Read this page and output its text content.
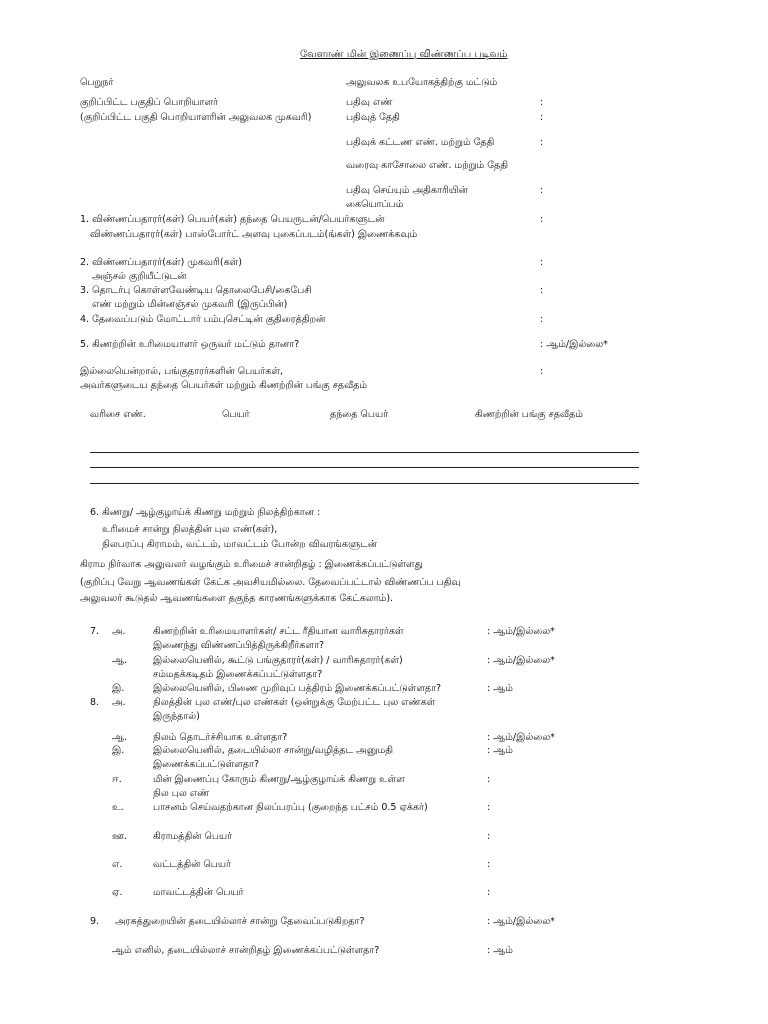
வேளாண் மின் இணைப்பு விண்ணப்ப படிவம்
பெறுநர்	அலுவலக உபயோகத்திற்கு மட்டும்
குறிப்பிட்ட பகுதிப் பொறியாளர்
(குறிப்பிட்ட பகுதி பொறியாளரின் அலுவலக முகவரி)
பதிவு எண்	:
பதிவுத் தேதி	:
பதிவுக் கட்டண எண். மற்றும் தேதி	:
வரைவு காசோலை எண். மற்றும் தேதி
பதிவு செய்யும் அதிகாரியின்	:
கையொப்பம்
1. விண்ணப்பதாரர்(கள்) பெயர்(கள்) தந்தை பெயருடன்/பெயர்களுடன்	:
விண்ணப்பதாரர்(கள்) பாஸ்போர்ட் அளவு புகைப்படம்(ங்கள்) இணைக்கவும்
2. விண்ணப்பதாரர்(கள்) முகவரி(கள்)	:
அஞ்சல் குறியீட்டுடன்
3. தொடர்பு கொள்ளவேண்டிய தொலைபேசி/கைபேசி	:
எண் மற்றும் மின்னஞ்சல் முகவரி (இருப்பின்)
4. தேவைப்படும் மோட்டார் பம்புசெட்டின் குதிரைத்திறன்	:
5. கிணற்றின் உரிமையாளர் ஒருவர் மட்டும் தானா?	: ஆம்/இல்லை*
இல்லையென்றால், பங்குதாரர்களின் பெயர்கள்,	:
அவர்களுடைய தந்தை பெயர்கள் மற்றும் கிணற்றின் பங்கு சதவீதம்
வரிசை எண்.	பெயர்	தந்தை பெயர்	கிணற்றின் பங்கு சதவீதம்
6. கிணறு/ ஆழ்குழாய்க் கிணறு மற்றும் நிலத்திற்கான :
உரிமைச் சான்று நிலத்தின் புல எண்(கள்),
நிலபரப்பு கிராமம், வட்டம், மாவட்டம் போன்ற விவரங்களுடன்
கிராம நிர்வாக அலுவலர் வழங்கும் உரிமைச் சான்றிதழ் : இணைக்கப்பட்டுள்ளது
(குறிப்பு வேறு ஆவணங்கள் கேட்க அவசியமில்லை. தேவைப்பட்டால் விண்ணப்ப பதிவு
அலுவலர் கூடுதல் ஆவணங்களை தகுந்த காரணங்களுக்காக கேட்கலாம்).
7. அ.	கிணற்றின் உரிமையாளர்கள்/ சட்ட ரீதியான வாரிசுதாரர்கள்	: ஆம்/இல்லை*
இணைந்து விண்ணப்பித்திருக்கிறீர்களா?
ஆ.	இல்லையெனில், கூட்டு பங்குதாரர்(கள்) / வாரிசுதாரர்(கள்)	: ஆம்/இல்லை*
சம்மதக்கடிதம் இணைக்கப்பட்டுள்ளதா?
இ.	இல்லையெனில், பிணை முறிவுப் பத்திரம் இணைக்கப்பட்டுள்ளதா?	: ஆம்
8. அ.	நிலத்தின் புல எண்/புல எண்கள் (ஒன்றுக்கு மேற்பட்ட புல எண்கள்
இருந்தால்)
ஆ.	நிலம் தொடர்ச்சியாக உள்ளதா?	: ஆம்/இல்லை*
இ.	இல்லையெனில், தடையில்லா சான்று/வழித்தட அனுமதி	: ஆம்
இணைக்கப்பட்டுள்ளதா?
ஈ.	மின் இணைப்பு கோரும் கிணறு/ஆழ்குழாய்க் கிணறு உள்ள	:
நில புல எண்
உ.	பாசனம் செய்வதற்கான நிலப்பரப்பு (குறைந்த பட்சம் 0.5 ஏக்கர்)	:
ஊ.	கிராமத்தின் பெயர்	:
எ.	வட்டத்தின் பெயர்	:
ஏ.	மாவட்டத்தின் பெயர்	:
9. அரசுத்துறையின் தடையில்லாச் சான்று தேவைப்படுகிறதா?	: ஆம்/இல்லை*
ஆம் எனில், தடையில்லாச் சான்றிதழ் இணைக்கப்பட்டுள்ளதா?	: ஆம்
